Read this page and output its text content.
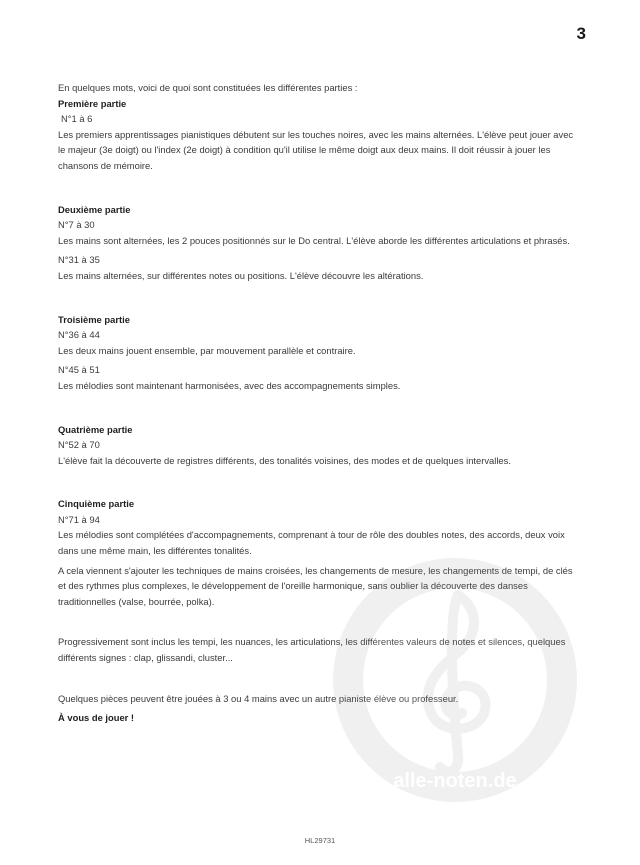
3

En quelques mots, voici de quoi sont constituées les différentes parties :

Première partie

N°1 à 6

Les premiers apprentissages pianistiques débutent sur les touches noires, avec les mains alternées. L'élève peut jouer avec le majeur (3e doigt) ou l'index (2e doigt) à condition qu'il utilise le même doigt aux deux mains. Il doit réussir à jouer les chansons de mémoire.

Deuxième partie

N°7 à 30

Les mains sont alternées, les 2 pouces positionnés sur le Do central. L'élève aborde les différentes articulations et phrasés.

N°31 à 35

Les mains alternées, sur différentes notes ou positions. L'élève découvre les altérations.

Troisième partie

N°36 à 44

Les deux mains jouent ensemble, par mouvement parallèle et contraire.

N°45 à 51

Les mélodies sont maintenant harmonisées, avec des accompagnements simples.

Quatrième partie

N°52 à 70

L'élève fait la découverte de registres différents, des tonalités voisines, des modes et de quelques intervalles.

Cinquième partie

N°71 à 94

Les mélodies sont complétées d'accompagnements, comprenant à tour de rôle des doubles notes, des accords, deux voix dans une même main, les différentes tonalités.

A cela viennent s'ajouter les techniques de mains croisées, les changements de mesure, les changements de tempi, de clés et des rythmes plus complexes, le développement de l'oreille harmonique, sans oublier la découverte des danses traditionnelles (valse, bourrée, polka).

Progressivement sont inclus les tempi, les nuances, les articulations, les différentes valeurs de notes et silences, quelques différents signes : clap, glissandi, cluster...

Quelques pièces peuvent être jouées à 3 ou 4 mains avec un autre pianiste élève ou professeur.

À vous de jouer !

alle-noten.de
HL29731
